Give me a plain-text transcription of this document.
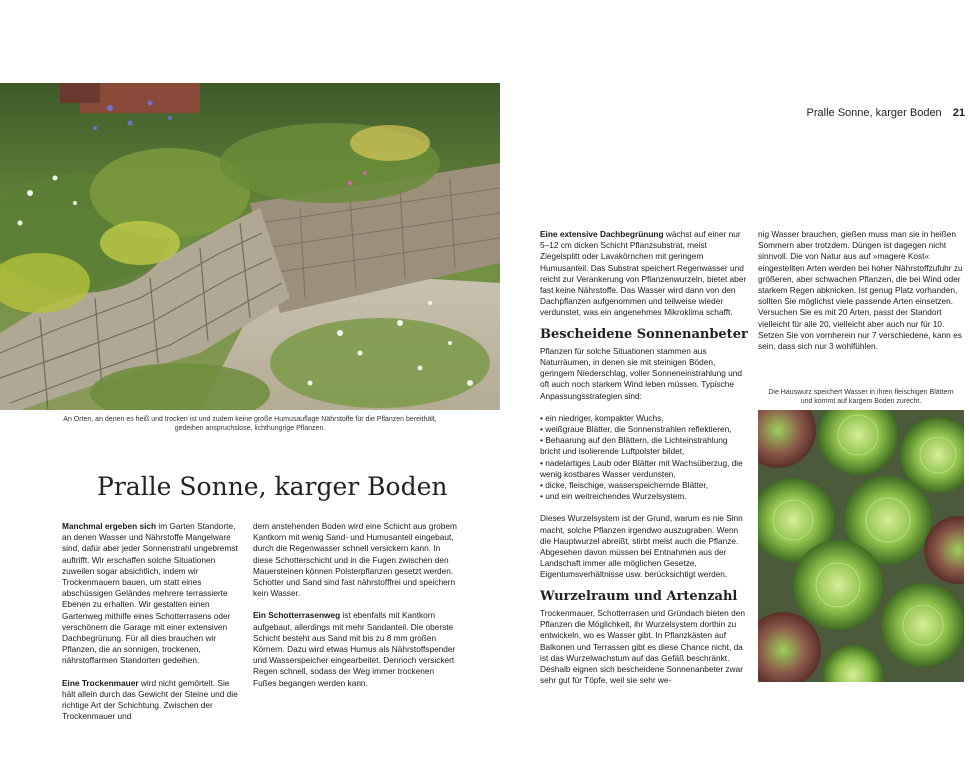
An Orten, an denen es heiß und trocken ist und zudem keine große Humusauflage Nährstoffe für die Pflanzen bereithält,
gedeihen anspruchslose, lichthungrige Pflanzen.
Pralle Sonne, karger Boden

Manchmal ergeben sich im Garten Standorte, an denen Wasser und Nährstoffe Mangelware sind, dafür aber jeder Sonnenstrahl ungebremst auftrifft. Wir erschaffen solche Situationen zuweilen sogar absichtlich, indem wir Trockenmauern bauen, um statt eines abschüssigen Geländes mehrere terrassierte Ebenen zu erhalten. Wir gestalten einen Gartenweg mithilfe eines Schotterrasens oder verschönern die Garage mit einer extensiven Dachbegrünung. Für all dies brauchen wir Pflanzen, die an sonnigen, trockenen, nährstoffarmen Standorten gedeihen.

Eine Trockenmauer wird nicht gemörtelt. Sie hält allein durch das Gewicht der Steine und die richtige Art der Schichtung. Zwischen der Trockenmauer und

dem anstehenden Boden wird eine Schicht aus grobem Kantkorn mit wenig Sand- und Humusanteil eingebaut, durch die Regenwasser schnell versickern kann. In diese Schotterschicht und in die Fugen zwischen den Mauersteinen können Polsterpflanzen gesetzt werden. Schotter und Sand sind fast nährstofffrei und speichern kein Wasser.

Ein Schotterrasenweg ist ebenfalls mit Kantkorn aufgebaut, allerdings mit mehr Sandanteil. Die oberste Schicht besteht aus Sand mit bis zu 8 mm großen Körnern. Dazu wird etwas Humus als Nährstoffspender und Wasserspeicher eingearbeitet. Dennoch versickert Regen schnell, sodass der Weg immer trockenen Fußes begangen werden kann.

Pralle Sonne, karger Boden 21

Eine extensive Dachbegrünung wächst auf einer nur 5–12 cm dicken Schicht Pflanzsubstrat, meist Ziegelsplitt oder Lavakörnchen mit geringem Humusanteil. Das Substrat speichert Regenwasser und reicht zur Verankerung von Pflanzenwurzeln, bietet aber fast keine Nährstoffe. Das Wasser wird dann von den Dachpflanzen aufgenommen und teilweise wieder verdunstet, was ein angenehmes Mikroklima schafft.

Bescheidene Sonnenanbeter

Pflanzen für solche Situationen stammen aus Naturräumen, in denen sie mit steinigen Böden, geringem Niederschlag, voller Sonneneinstrahlung und oft auch noch starkem Wind leben müssen. Typische Anpassungsstrategien sind:

• ein niedriger, kompakter Wuchs,
• weißgraue Blätter, die Sonnenstrahlen reflektieren,
• Behaarung auf den Blättern, die Lichteinstrahlung bricht und isolierende Luftpolster bildet,
• nadelartiges Laub oder Blätter mit Wachsüberzug, die wenig kostbares Wasser verdunsten,
• dicke, fleischige, wasserspeichernde Blätter,
• und ein weitreichendes Wurzelsystem.

Dieses Wurzelsystem ist der Grund, warum es nie Sinn macht, solche Pflanzen irgendwo auszugraben. Wenn die Hauptwurzel abreißt, stirbt meist auch die Pflanze. Abgesehen davon müssen bei Entnahmen aus der Landschaft immer alle möglichen Gesetze, Eigentumsverhältnisse usw. berücksichtigt werden.

Wurzelraum und Artenzahl

Trockenmauer, Schotterrasen und Gründach bieten den Pflanzen die Möglichkeit, ihr Wurzelsystem dorthin zu entwickeln, wo es Wasser gibt. In Pflanzkästen auf Balkonen und Terrassen gibt es diese Chance nicht, da ist das Wurzelwachstum auf das Gefäß beschränkt. Deshalb eignen sich bescheidene Sonnenanbeter zwar sehr gut für Töpfe, weil sie sehr we-

nig Wasser brauchen, gießen muss man sie in heißen Sommern aber trotzdem. Düngen ist dagegen nicht sinnvoll. Die von Natur aus auf »magere Kost« eingestellten Arten werden bei hoher Nährstoffzufuhr zu größeren, aber schwachen Pflanzen, die bei Wind oder starkem Regen abknicken. Ist genug Platz vorhanden, sollten Sie möglichst viele passende Arten einsetzen. Versuchen Sie es mit 20 Arten, passt der Standort vielleicht für alle 20, vielleicht aber auch nur für 10. Setzen Sie von vornherein nur 7 verschiedene, kann es sein, dass sich nur 3 wohlfühlen.

Die Hauswurz speichert Wasser in ihren fleischigen Blättern
und kommt auf kargem Boden zurecht.
